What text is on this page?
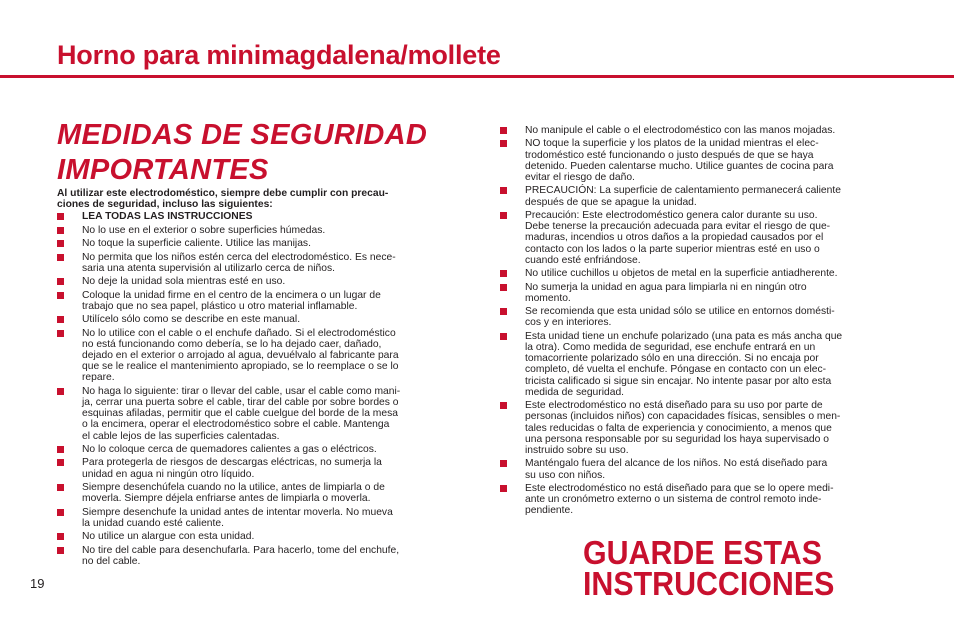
Horno para minimagdalena/mollete
MEDIDAS DE SEGURIDAD
IMPORTANTES

Al utilizar este electrodoméstico, siempre debe cumplir con precau-
ciones de seguridad, incluso las siguientes:

LEA TODAS LAS INSTRUCCIONES
No lo use en el exterior o sobre superficies húmedas.
No toque la superficie caliente. Utilice las manijas.
No permita que los niños estén cerca del electrodoméstico. Es nece-
saria una atenta supervisión al utilizarlo cerca de niños.
No deje la unidad sola mientras esté en uso.
Coloque la unidad firme en el centro de la encimera o un lugar de
trabajo que no sea papel, plástico u otro material inflamable.
Utilícelo sólo como se describe en este manual.
No lo utilice con el cable o el enchufe dañado. Si el electrodoméstico
no está funcionando como debería, se lo ha dejado caer, dañado,
dejado en el exterior o arrojado al agua, devuélvalo al fabricante para
que se le realice el mantenimiento apropiado, se lo reemplace o se lo
repare.
No haga lo siguiente: tirar o llevar del cable, usar el cable como mani-
ja, cerrar una puerta sobre el cable, tirar del cable por sobre bordes o
esquinas afiladas, permitir que el cable cuelgue del borde de la mesa
o la encimera, operar el electrodoméstico sobre el cable. Mantenga
el cable lejos de las superficies calentadas.
No lo coloque cerca de quemadores calientes a gas o eléctricos.
Para protegerla de riesgos de descargas eléctricas, no sumerja la
unidad en agua ni ningún otro líquido.
Siempre desenchúfela cuando no la utilice, antes de limpiarla o de
moverla. Siempre déjela enfriarse antes de limpiarla o moverla.
Siempre desenchufe la unidad antes de intentar moverla. No mueva
la unidad cuando esté caliente.
No utilice un alargue con esta unidad.
No tire del cable para desenchufarla. Para hacerlo, tome del enchufe,
no del cable.
No manipule el cable o el electrodoméstico con las manos mojadas.
NO toque la superficie y los platos de la unidad mientras el elec-
trodoméstico esté funcionando o justo después de que se haya
detenido. Pueden calentarse mucho. Utilice guantes de cocina para
evitar el riesgo de daño.
PRECAUCIÓN: La superficie de calentamiento permanecerá caliente
después de que se apague la unidad.
Precaución: Este electrodoméstico genera calor durante su uso.
Debe tenerse la precaución adecuada para evitar el riesgo de que-
maduras, incendios u otros daños a la propiedad causados por el
contacto con los lados o la parte superior mientras esté en uso o
cuando esté enfriándose.
No utilice cuchillos u objetos de metal en la superficie antiadherente.
No sumerja la unidad en agua para limpiarla ni en ningún otro
momento.
Se recomienda que esta unidad sólo se utilice en entornos domésti-
cos y en interiores.
Esta unidad tiene un enchufe polarizado (una pata es más ancha que
la otra). Como medida de seguridad, ese enchufe entrará en un
tomacorriente polarizado sólo en una dirección. Si no encaja por
completo, dé vuelta el enchufe. Póngase en contacto con un elec-
tricista calificado si sigue sin encajar. No intente pasar por alto esta
medida de seguridad.
Este electrodoméstico no está diseñado para su uso por parte de
personas (incluidos niños) con capacidades físicas, sensibles o men-
tales reducidas o falta de experiencia y conocimiento, a menos que
una persona responsable por su seguridad los haya supervisado o
instruido sobre su uso.
Manténgalo fuera del alcance de los niños. No está diseñado para
su uso con niños.
Este electrodoméstico no está diseñado para que se lo opere medi-
ante un cronómetro externo o un sistema de control remoto inde-
pendiente.
GUARDE ESTAS
INSTRUCCIONES
19
